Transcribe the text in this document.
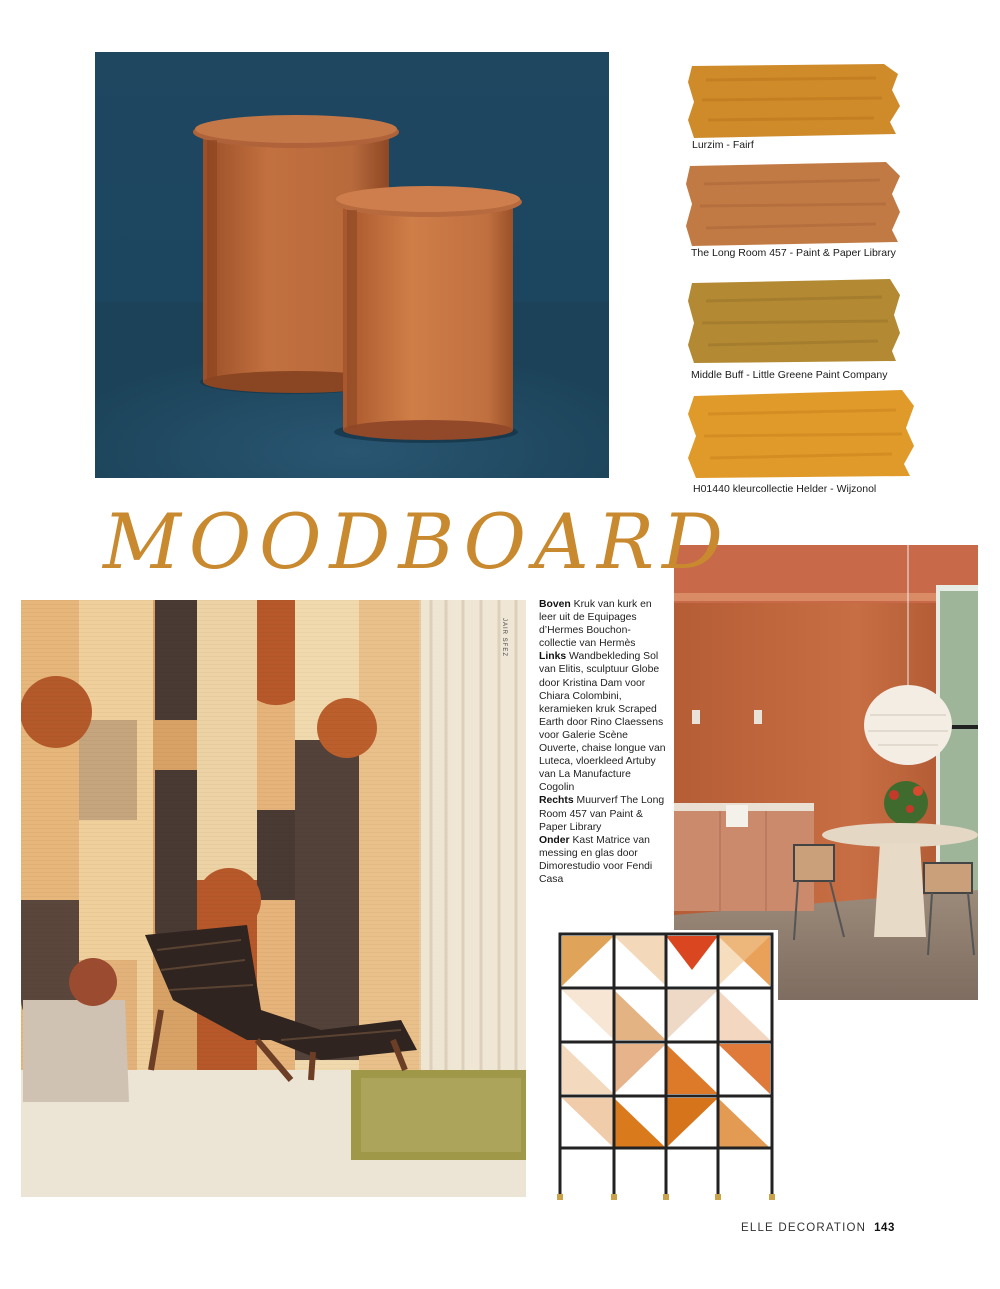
Lurzim - Fairf
The Long Room 457 - Paint & Paper Library
Middle Buff - Little Greene Paint Company
H01440 kleurcollectie Helder - Wijzonol
MOODBOARD
JAIR SFEZ
Boven Kruk van kurk en leer uit de Equipages d’Hermes Bouchon-collectie van Hermès
Links Wandbekleding Sol van Elitis, sculptuur Globe door Kristina Dam voor Chiara Colombini, keramieken kruk Scraped Earth door Rino Claessens voor Galerie Scène Ouverte, chaise longue van Luteca, vloerkleed Artuby van La Manufacture Cogolin
Rechts Muurverf The Long Room 457 van Paint & Paper Library
Onder Kast Matrice van messing en glas door Dimorestudio voor Fendi Casa
ELLE DECORATION 143
